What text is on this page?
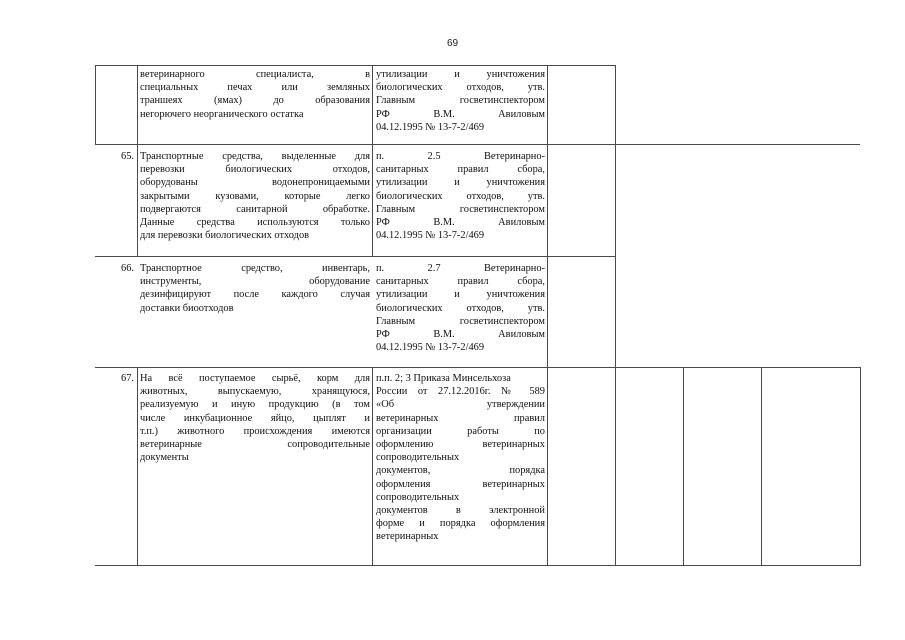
69
ветеринарного специалиста, в
специальных печах или земляных
траншеях (ямах) до образования
негорючего неорганического остатка
утилизации и уничтожения
биологических отходов, утв.
Главным госветинспектором
РФ В.М. Авиловым
04.12.1995 № 13-7-2/469
65. Транспортные средства, выделенные для
перевозки биологических отходов,
оборудованы водонепроницаемыми
закрытыми кузовами, которые легко
подвергаются санитарной обработке.
Данные средства используются только
для перевозки биологических отходов
п. 2.5 Ветеринарно-
санитарных правил сбора,
утилизации и уничтожения
биологических отходов, утв.
Главным госветинспектором
РФ В.М. Авиловым
04.12.1995 № 13-7-2/469
66. Транспортное средство, инвентарь,
инструменты, оборудование
дезинфицируют после каждого случая
доставки биоотходов
п. 2.7 Ветеринарно-
санитарных правил сбора,
утилизации и уничтожения
биологических отходов, утв.
Главным госветинспектором
РФ В.М. Авиловым
04.12.1995 № 13-7-2/469
67. На всё поступаемое сырьё, корм для
животных, выпускаемую, хранящуюся,
реализуемую и иную продукцию (в том
числе инкубационное яйцо, цыплят и
т.п.) животного происхождения имеются
ветеринарные сопроводительные
документы
п.п. 2; 3 Приказа Минсельхоза
России от 27.12.2016г. № 589
«Об утверждении
ветеринарных правил
организации работы по
оформлению ветеринарных
сопроводительных
документов, порядка
оформления ветеринарных
сопроводительных
документов в электронной
форме и порядка оформления
ветеринарных
